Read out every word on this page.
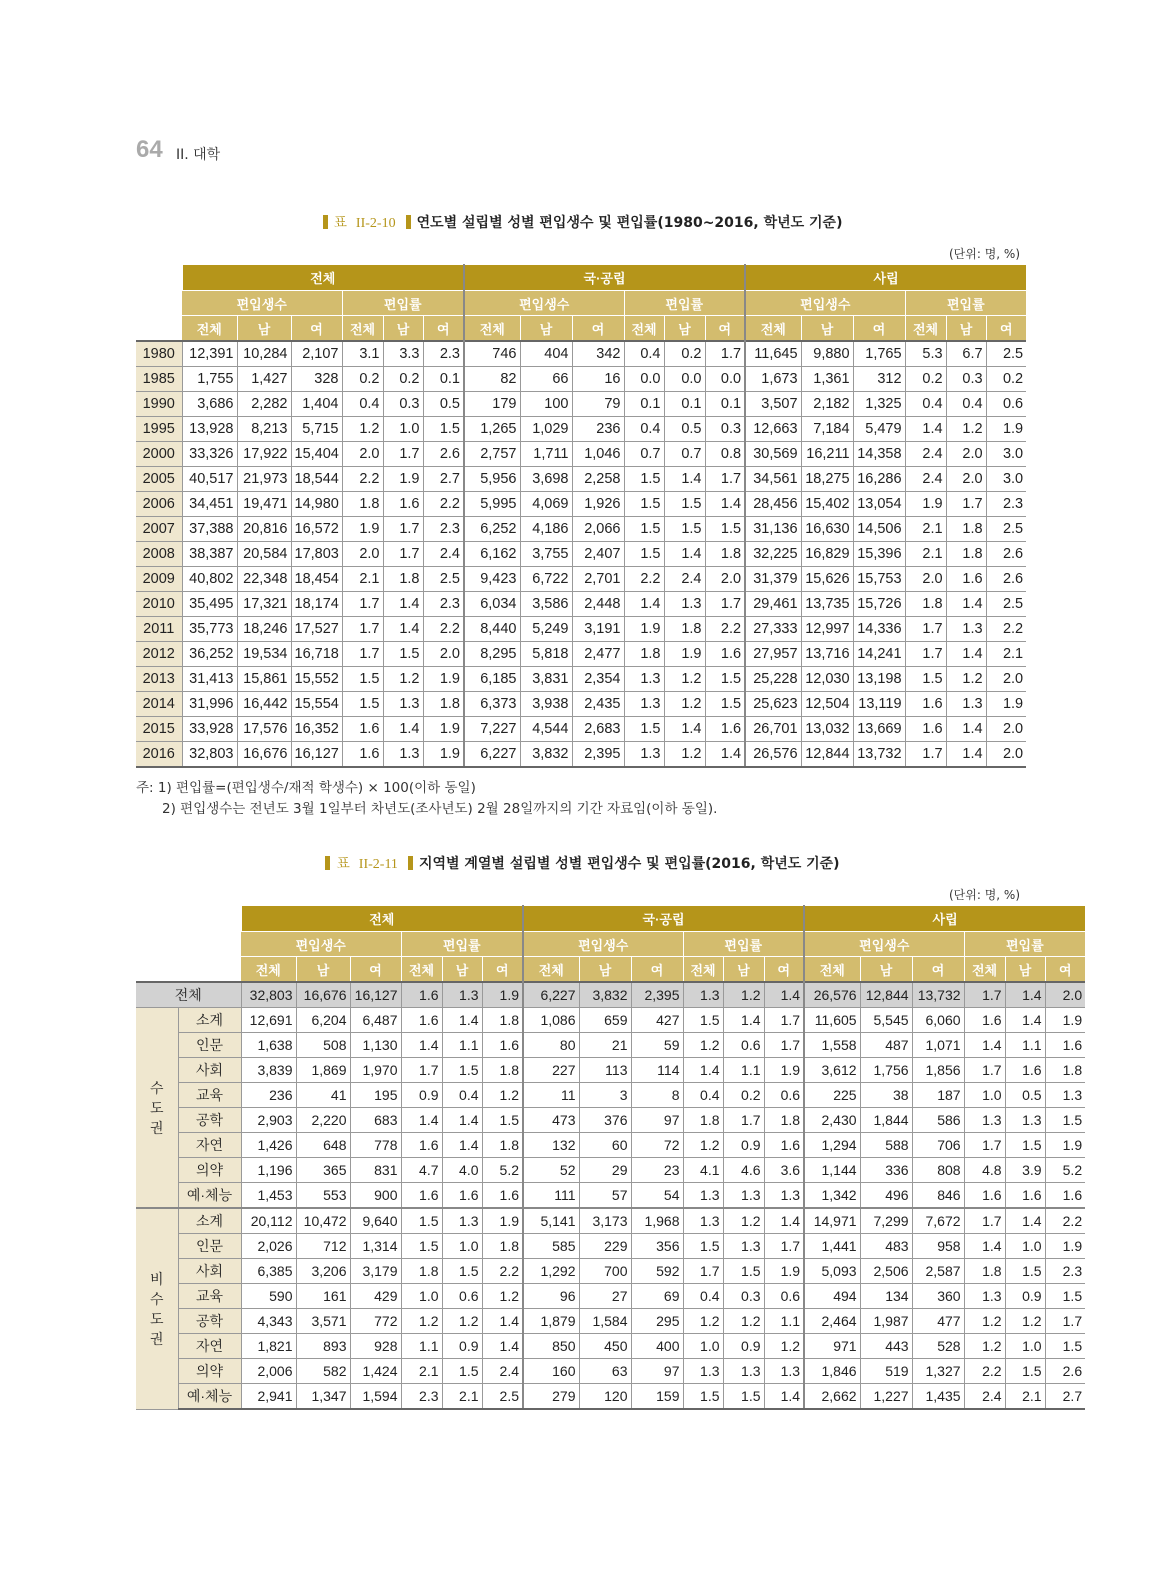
64 II. 대학
표 II-2-10 연도별 설립별 성별 편입생수 및 편입률(1980~2016, 학년도 기준)
(단위: 명, %)
	전체						국·공립						사립					
	편입생수			편입률			편입생수			편입률			편입생수			편입률		
	전체	남	여	전체	남	여	전체	남	여	전체	남	여	전체	남	여	전체	남	여
1980	12,391	10,284	2,107	3.1	3.3	2.3	746	404	342	0.4	0.2	1.7	11,645	9,880	1,765	5.3	6.7	2.5
1985	1,755	1,427	328	0.2	0.2	0.1	82	66	16	0.0	0.0	0.0	1,673	1,361	312	0.2	0.3	0.2
1990	3,686	2,282	1,404	0.4	0.3	0.5	179	100	79	0.1	0.1	0.1	3,507	2,182	1,325	0.4	0.4	0.6
1995	13,928	8,213	5,715	1.2	1.0	1.5	1,265	1,029	236	0.4	0.5	0.3	12,663	7,184	5,479	1.4	1.2	1.9
2000	33,326	17,922	15,404	2.0	1.7	2.6	2,757	1,711	1,046	0.7	0.7	0.8	30,569	16,211	14,358	2.4	2.0	3.0
2005	40,517	21,973	18,544	2.2	1.9	2.7	5,956	3,698	2,258	1.5	1.4	1.7	34,561	18,275	16,286	2.4	2.0	3.0
2006	34,451	19,471	14,980	1.8	1.6	2.2	5,995	4,069	1,926	1.5	1.5	1.4	28,456	15,402	13,054	1.9	1.7	2.3
2007	37,388	20,816	16,572	1.9	1.7	2.3	6,252	4,186	2,066	1.5	1.5	1.5	31,136	16,630	14,506	2.1	1.8	2.5
2008	38,387	20,584	17,803	2.0	1.7	2.4	6,162	3,755	2,407	1.5	1.4	1.8	32,225	16,829	15,396	2.1	1.8	2.6
2009	40,802	22,348	18,454	2.1	1.8	2.5	9,423	6,722	2,701	2.2	2.4	2.0	31,379	15,626	15,753	2.0	1.6	2.6
2010	35,495	17,321	18,174	1.7	1.4	2.3	6,034	3,586	2,448	1.4	1.3	1.7	29,461	13,735	15,726	1.8	1.4	2.5
2011	35,773	18,246	17,527	1.7	1.4	2.2	8,440	5,249	3,191	1.9	1.8	2.2	27,333	12,997	14,336	1.7	1.3	2.2
2012	36,252	19,534	16,718	1.7	1.5	2.0	8,295	5,818	2,477	1.8	1.9	1.6	27,957	13,716	14,241	1.7	1.4	2.1
2013	31,413	15,861	15,552	1.5	1.2	1.9	6,185	3,831	2,354	1.3	1.2	1.5	25,228	12,030	13,198	1.5	1.2	2.0
2014	31,996	16,442	15,554	1.5	1.3	1.8	6,373	3,938	2,435	1.3	1.2	1.5	25,623	12,504	13,119	1.6	1.3	1.9
2015	33,928	17,576	16,352	1.6	1.4	1.9	7,227	4,544	2,683	1.5	1.4	1.6	26,701	13,032	13,669	1.6	1.4	2.0
2016	32,803	16,676	16,127	1.6	1.3	1.9	6,227	3,832	2,395	1.3	1.2	1.4	26,576	12,844	13,732	1.7	1.4	2.0
주: 1) 편입률=(편입생수/재적 학생수) × 100(이하 동일)
2) 편입생수는 전년도 3월 1일부터 차년도(조사년도) 2월 28일까지의 기간 자료임(이하 동일).
표 II-2-11 지역별 계열별 설립별 성별 편입생수 및 편입률(2016, 학년도 기준)
(단위: 명, %)
		전체						국·공립						사립					
		편입생수			편입률			편입생수			편입률			편입생수			편입률		
		전체	남	여	전체	남	여	전체	남	여	전체	남	여	전체	남	여	전체	남	여
전체		32,803	16,676	16,127	1.6	1.3	1.9	6,227	3,832	2,395	1.3	1.2	1.4	26,576	12,844	13,732	1.7	1.4	2.0
수
도
권	소계	12,691	6,204	6,487	1.6	1.4	1.8	1,086	659	427	1.5	1.4	1.7	11,605	5,545	6,060	1.6	1.4	1.9
	인문	1,638	508	1,130	1.4	1.1	1.6	80	21	59	1.2	0.6	1.7	1,558	487	1,071	1.4	1.1	1.6
	사회	3,839	1,869	1,970	1.7	1.5	1.8	227	113	114	1.4	1.1	1.9	3,612	1,756	1,856	1.7	1.6	1.8
	교육	236	41	195	0.9	0.4	1.2	11	3	8	0.4	0.2	0.6	225	38	187	1.0	0.5	1.3
	공학	2,903	2,220	683	1.4	1.4	1.5	473	376	97	1.8	1.7	1.8	2,430	1,844	586	1.3	1.3	1.5
	자연	1,426	648	778	1.6	1.4	1.8	132	60	72	1.2	0.9	1.6	1,294	588	706	1.7	1.5	1.9
	의약	1,196	365	831	4.7	4.0	5.2	52	29	23	4.1	4.6	3.6	1,144	336	808	4.8	3.9	5.2
	예·체능	1,453	553	900	1.6	1.6	1.6	111	57	54	1.3	1.3	1.3	1,342	496	846	1.6	1.6	1.6
비
수
도
권	소계	20,112	10,472	9,640	1.5	1.3	1.9	5,141	3,173	1,968	1.3	1.2	1.4	14,971	7,299	7,672	1.7	1.4	2.2
	인문	2,026	712	1,314	1.5	1.0	1.8	585	229	356	1.5	1.3	1.7	1,441	483	958	1.4	1.0	1.9
	사회	6,385	3,206	3,179	1.8	1.5	2.2	1,292	700	592	1.7	1.5	1.9	5,093	2,506	2,587	1.8	1.5	2.3
	교육	590	161	429	1.0	0.6	1.2	96	27	69	0.4	0.3	0.6	494	134	360	1.3	0.9	1.5
	공학	4,343	3,571	772	1.2	1.2	1.4	1,879	1,584	295	1.2	1.2	1.1	2,464	1,987	477	1.2	1.2	1.7
	자연	1,821	893	928	1.1	0.9	1.4	850	450	400	1.0	0.9	1.2	971	443	528	1.2	1.0	1.5
	의약	2,006	582	1,424	2.1	1.5	2.4	160	63	97	1.3	1.3	1.3	1,846	519	1,327	2.2	1.5	2.6
	예·체능	2,941	1,347	1,594	2.3	2.1	2.5	279	120	159	1.5	1.5	1.4	2,662	1,227	1,435	2.4	2.1	2.7
